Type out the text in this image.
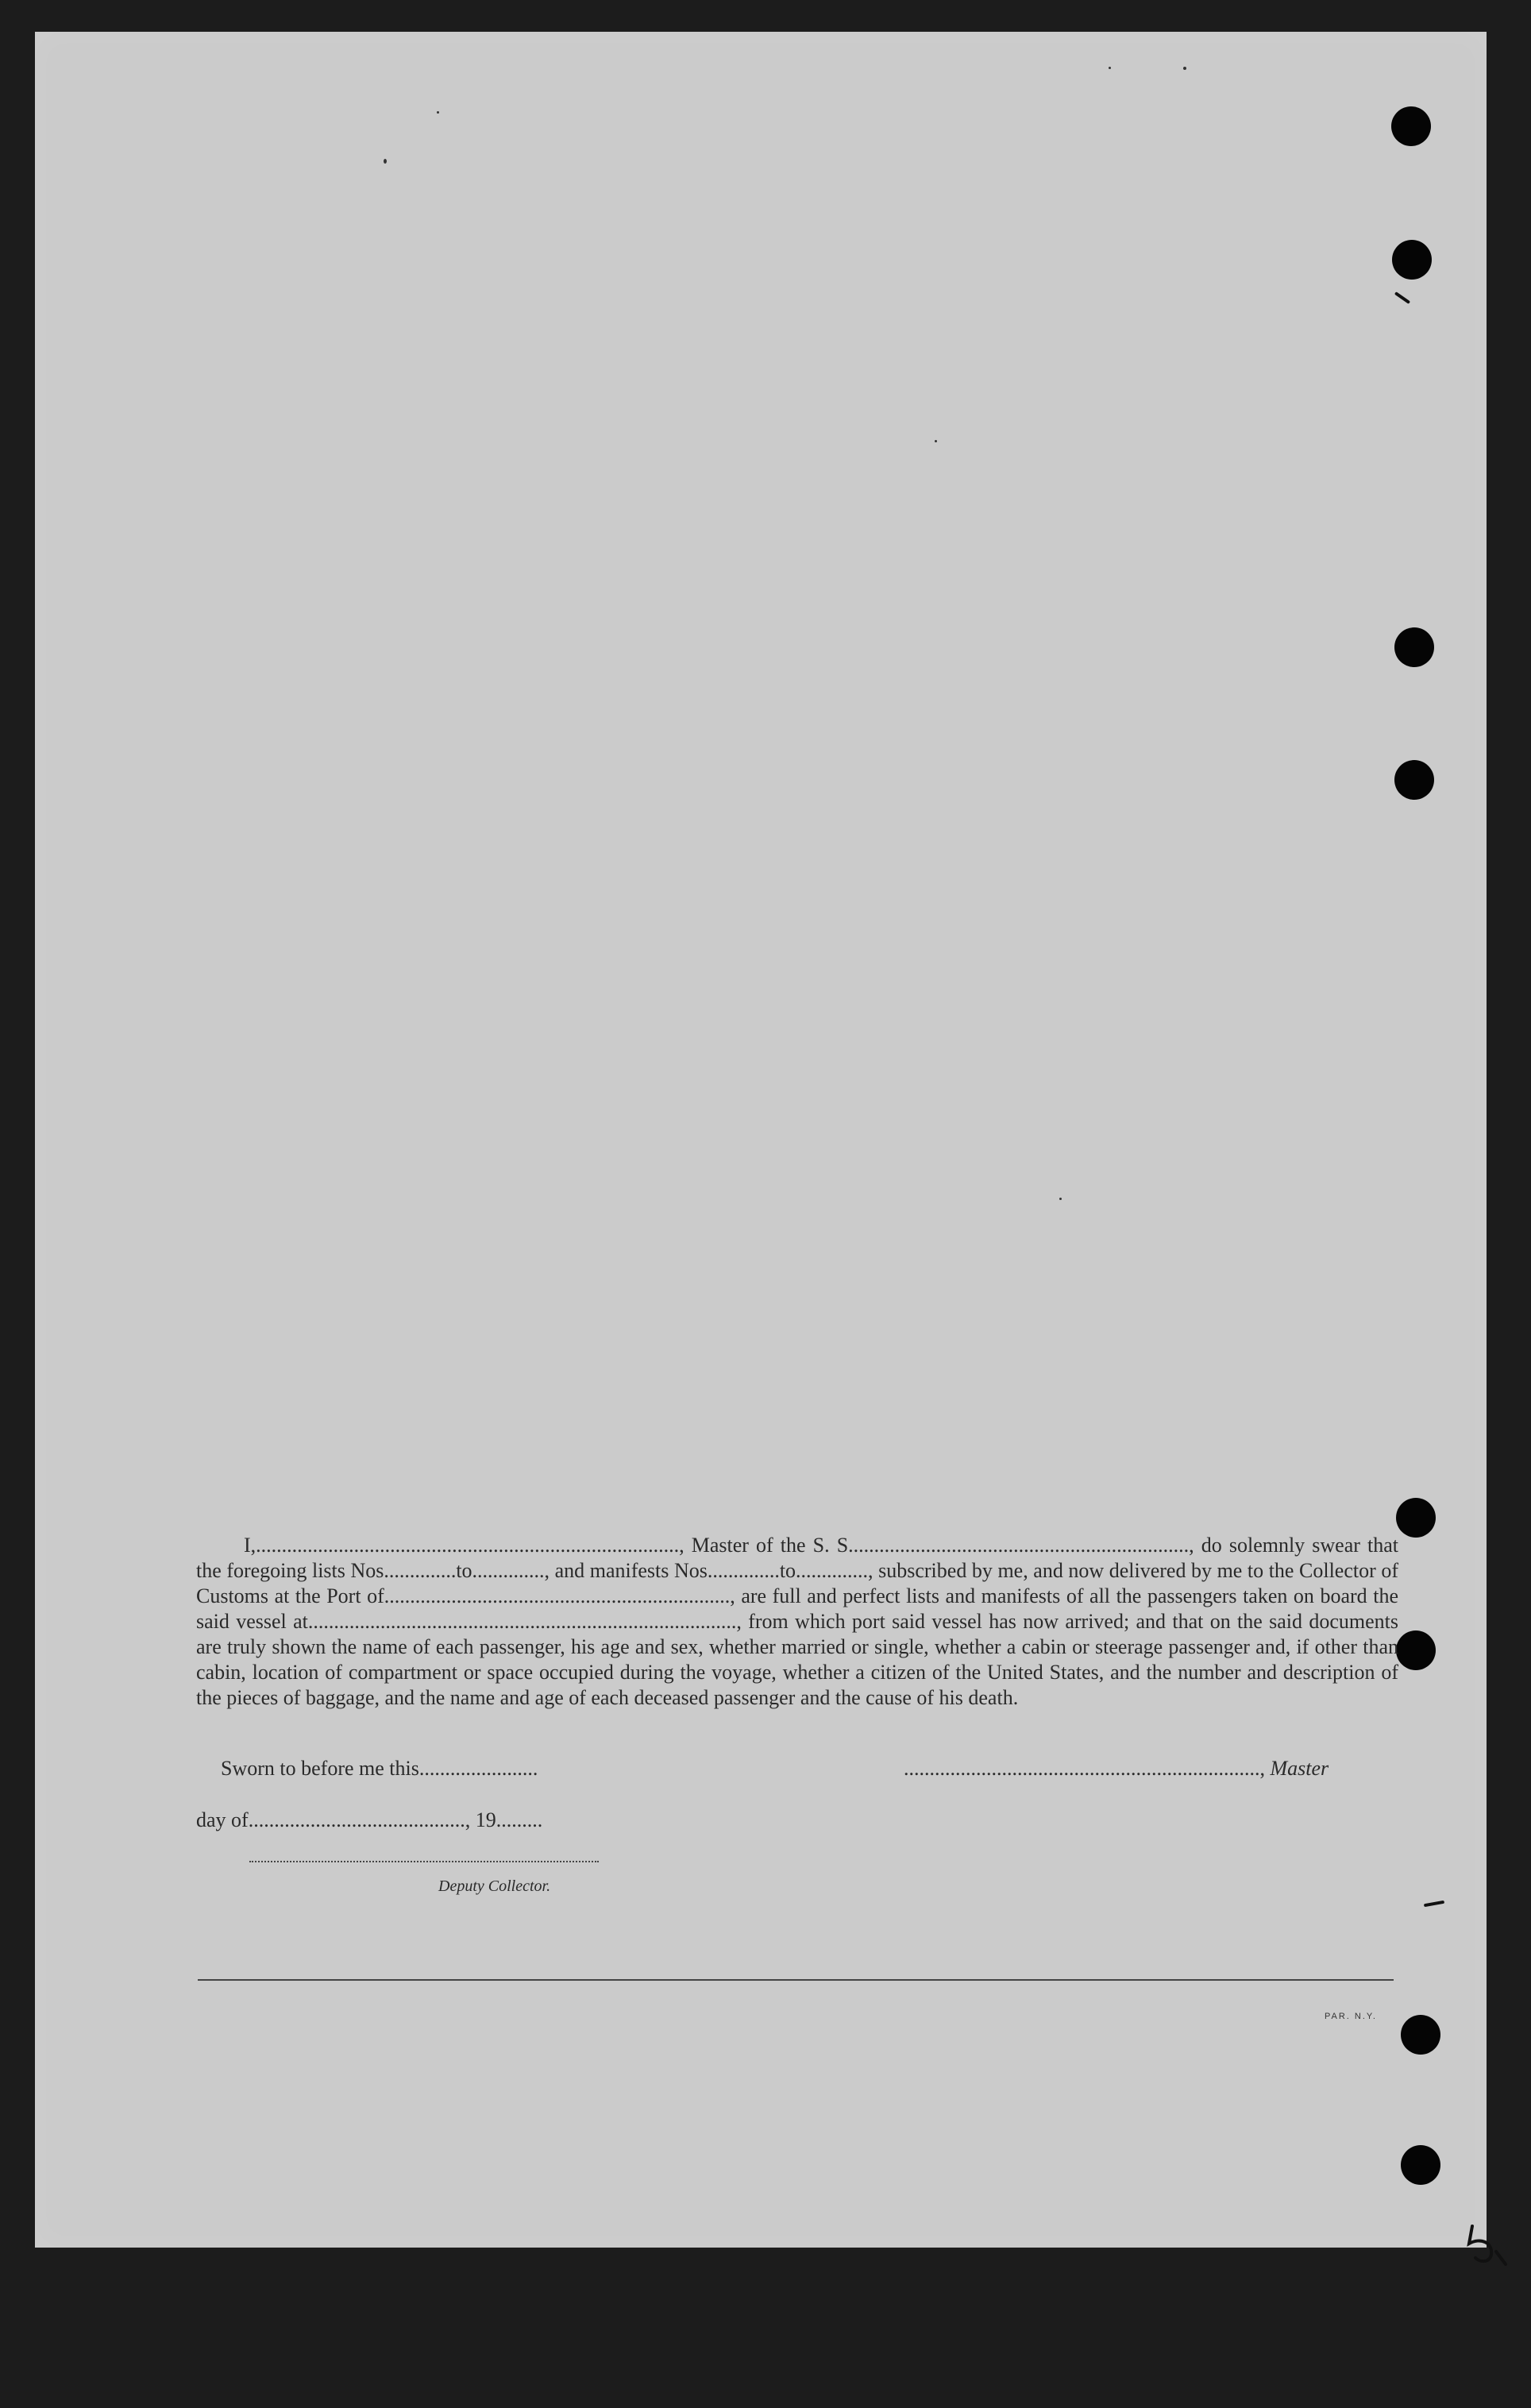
I,.................................................................................., Master of the S. S.................................................................., do solemnly swear that the foregoing lists Nos..............to.............., and manifests Nos..............to.............., subscribed by me, and now delivered by me to the Collector of Customs at the Port of..................................................................., are full and perfect lists and manifests of all the passengers taken on board the said vessel at..................................................................................., from which port said vessel has now arrived; and that on the said documents are truly shown the name of each passenger, his age and sex, whether married or single, whether a cabin or steerage passenger and, if other than cabin, location of compartment or space occupied during the voyage, whether a citizen of the United States, and the number and description of the pieces of baggage, and the name and age of each deceased passenger and the cause of his death.

Sworn to before me this.......................	....................................................................., Master
day of.........................................., 19.........
Deputy Collector.
PAR. N.Y.
